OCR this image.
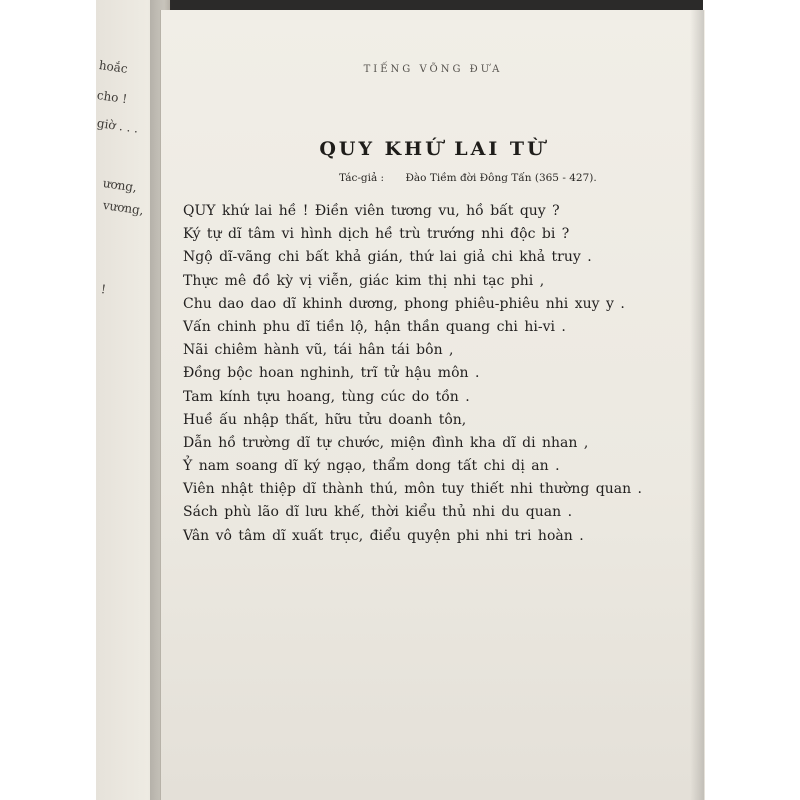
hoắc

cho !

giờ . . .

ương,

vương,

!

TIẾNG VÕNG ĐƯA

QUY KHỨ LAI TỪ

Tác-giả : Đào Tiềm đời Đông Tấn (365 - 427).

QUY khứ lai hề ! Điền viên tương vu, hồ bất quy ?
Ký tự dĩ tâm vi hình dịch hề trù trướng nhi độc bi ?
Ngộ dĩ-vãng chi bất khả gián, thứ lai giả chi khả truy .
Thực mê đồ kỳ vị viễn, giác kim thị nhi tạc phi ,
Chu dao dao dĩ khinh dương, phong phiêu-phiêu nhi xuy y .
Vấn chinh phu dĩ tiền lộ, hận thần quang chi hi-vi .
Nãi chiêm hành vũ, tái hân tái bôn ,
Đồng bộc hoan nghinh, trĩ tử hậu môn .
Tam kính tựu hoang, tùng cúc do tồn .
Huề ấu nhập thất, hữu tửu doanh tôn,
Dẫn hồ trường dĩ tự chước, miện đình kha dĩ di nhan ,
Ỷ nam soang dĩ ký ngạo, thẩm dong tất chi dị an .
Viên nhật thiệp dĩ thành thú, môn tuy thiết nhi thường quan .
Sách phù lão dĩ lưu khế, thời kiểu thủ nhi du quan .
Vân vô tâm dĩ xuất trục, điểu quyện phi nhi tri hoàn .
